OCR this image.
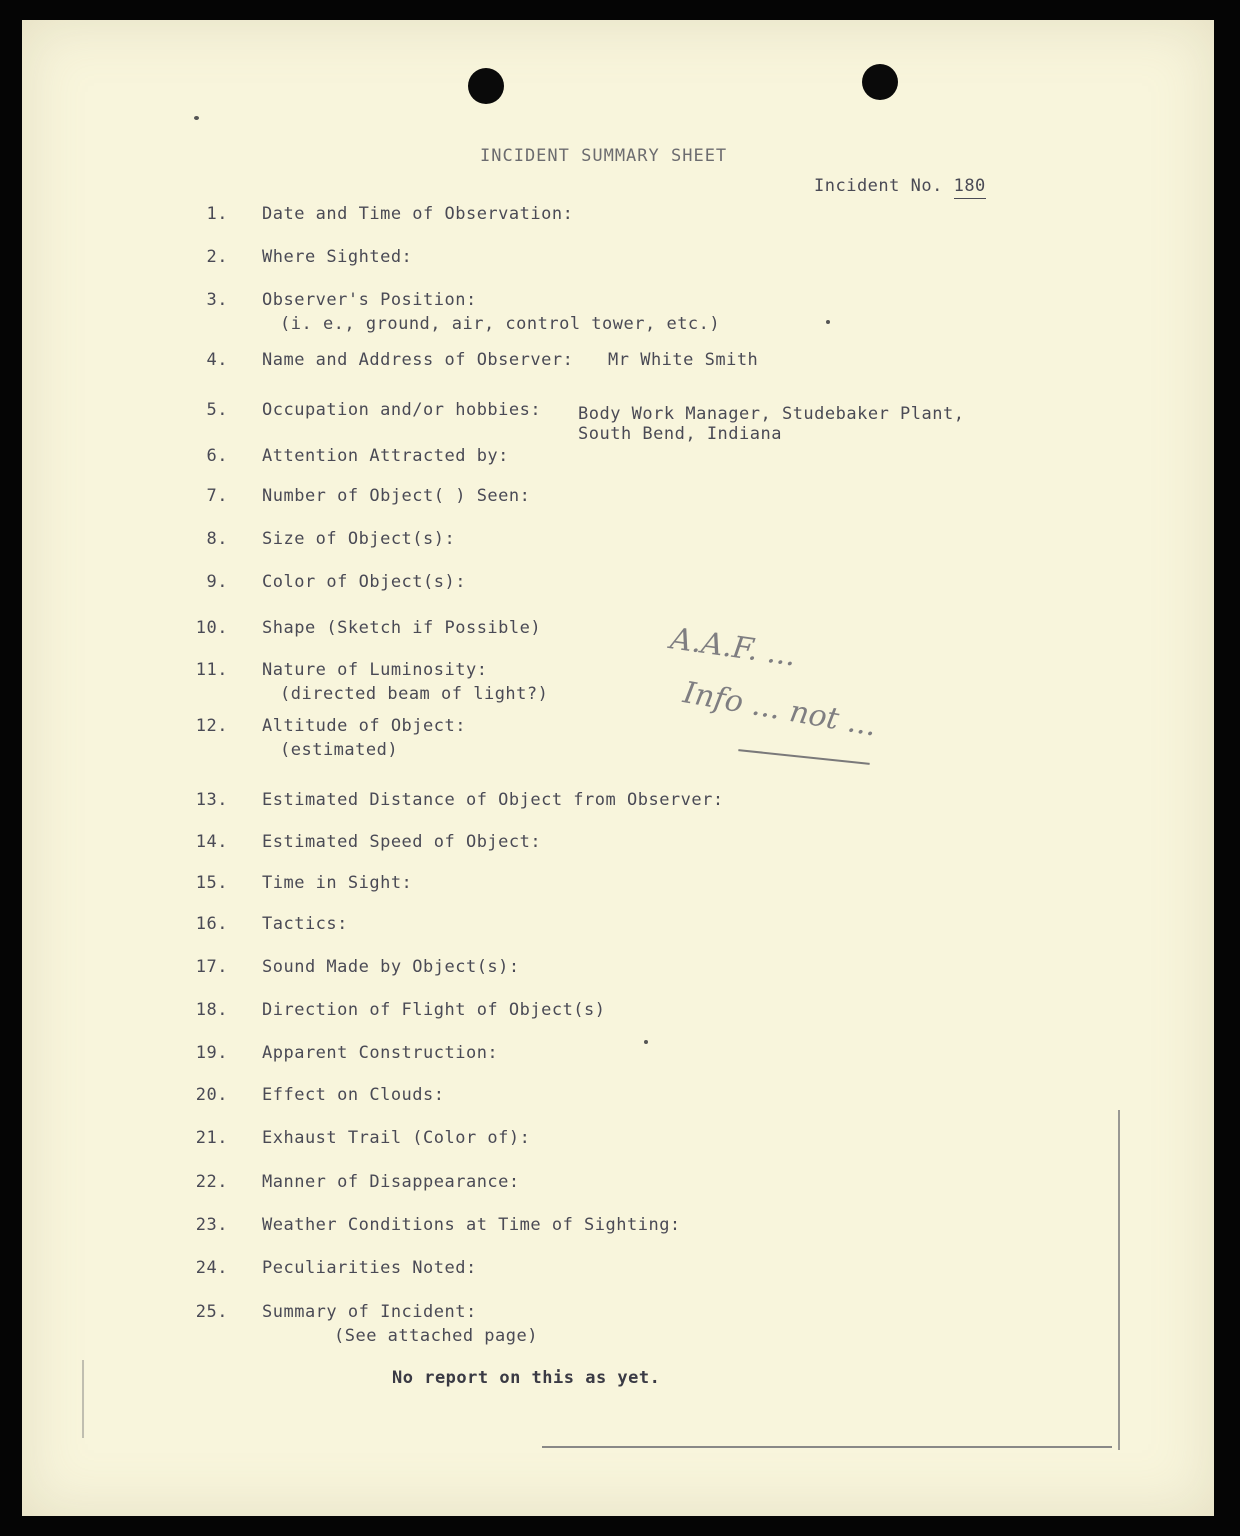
INCIDENT SUMMARY SHEET
Incident No. 180
1. Date and Time of Observation:
2. Where Sighted:
3. Observer's Position:
(i. e., ground, air, control tower, etc.)
4. Name and Address of Observer: Mr White Smith
5. Occupation and/or hobbies: Body Work Manager, Studebaker Plant,
South Bend, Indiana
6. Attention Attracted by:
7. Number of Object( ) Seen:
8. Size of Object(s):
9. Color of Object(s):
10. Shape (Sketch if Possible)
11. Nature of Luminosity:
(directed beam of light?)
12. Altitude of Object:
(estimated)
13. Estimated Distance of Object from Observer:
14. Estimated Speed of Object:
15. Time in Sight:
16. Tactics:
17. Sound Made by Object(s):
18. Direction of Flight of Object(s)
19. Apparent Construction:
20. Effect on Clouds:
21. Exhaust Trail (Color of):
22. Manner of Disappearance:
23. Weather Conditions at Time of Sighting:
24. Peculiarities Noted:
25. Summary of Incident:
(See attached page)
A.A.F. ...
Info ... not ...
No report on this as yet.
